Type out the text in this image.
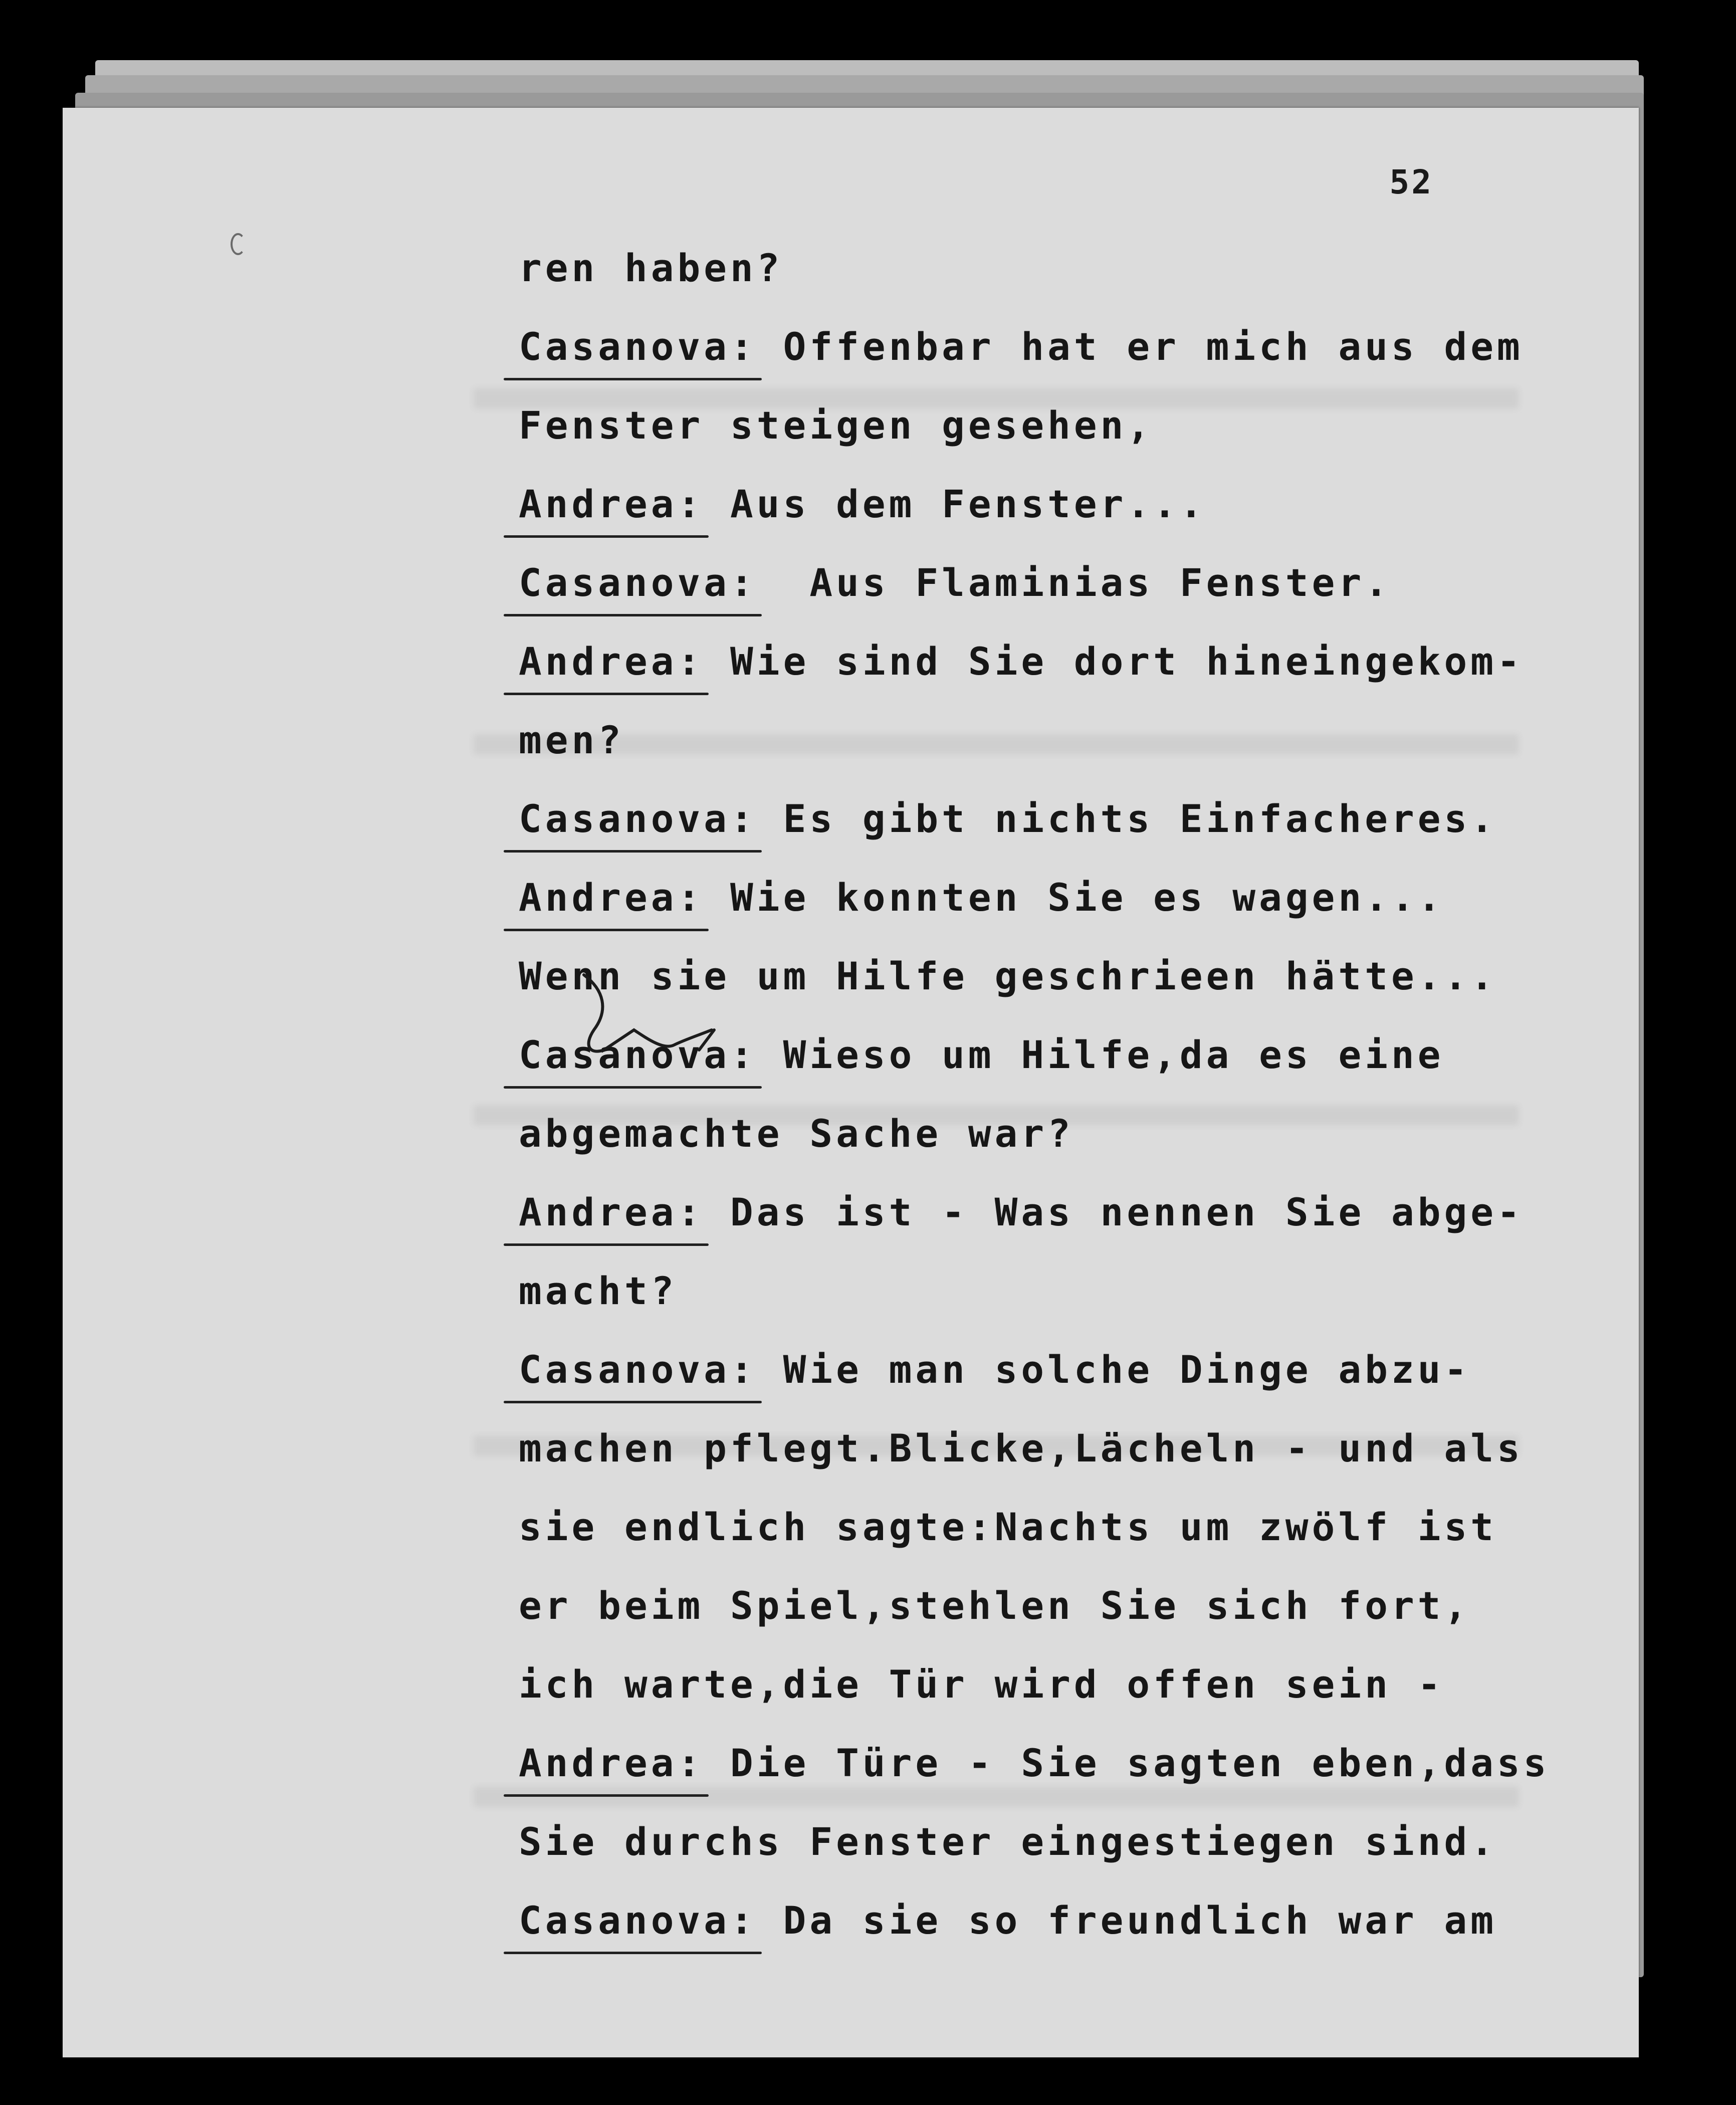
52

ren haben?
Casanova:
Offenbar hat er mich aus dem
Fenster steigen gesehen,
Andrea:
Aus dem Fenster...
Casanova:
Aus Flaminias Fenster.
Andrea:
Wie sind Sie dort hineingekom-
men?
Casanova:
Es gibt nichts Einfacheres.
Andrea:
Wie konnten Sie es wagen...
Wenn sie um Hilfe geschrieen hätte...
Casanova:
Wieso um Hilfe,da es eine
abgemachte Sache war?
Andrea:
Das ist - Was nennen Sie abge-
macht?
Casanova:
Wie man solche Dinge abzu-
machen pflegt.Blicke,Lächeln - und als
sie endlich sagte:Nachts um zwölf ist
er beim Spiel,stehlen Sie sich fort,
ich warte,die Tür wird offen sein -
Andrea:
Die Türe - Sie sagten eben,dass
Sie durchs Fenster eingestiegen sind.
Casanova:
Da sie so freundlich war am
